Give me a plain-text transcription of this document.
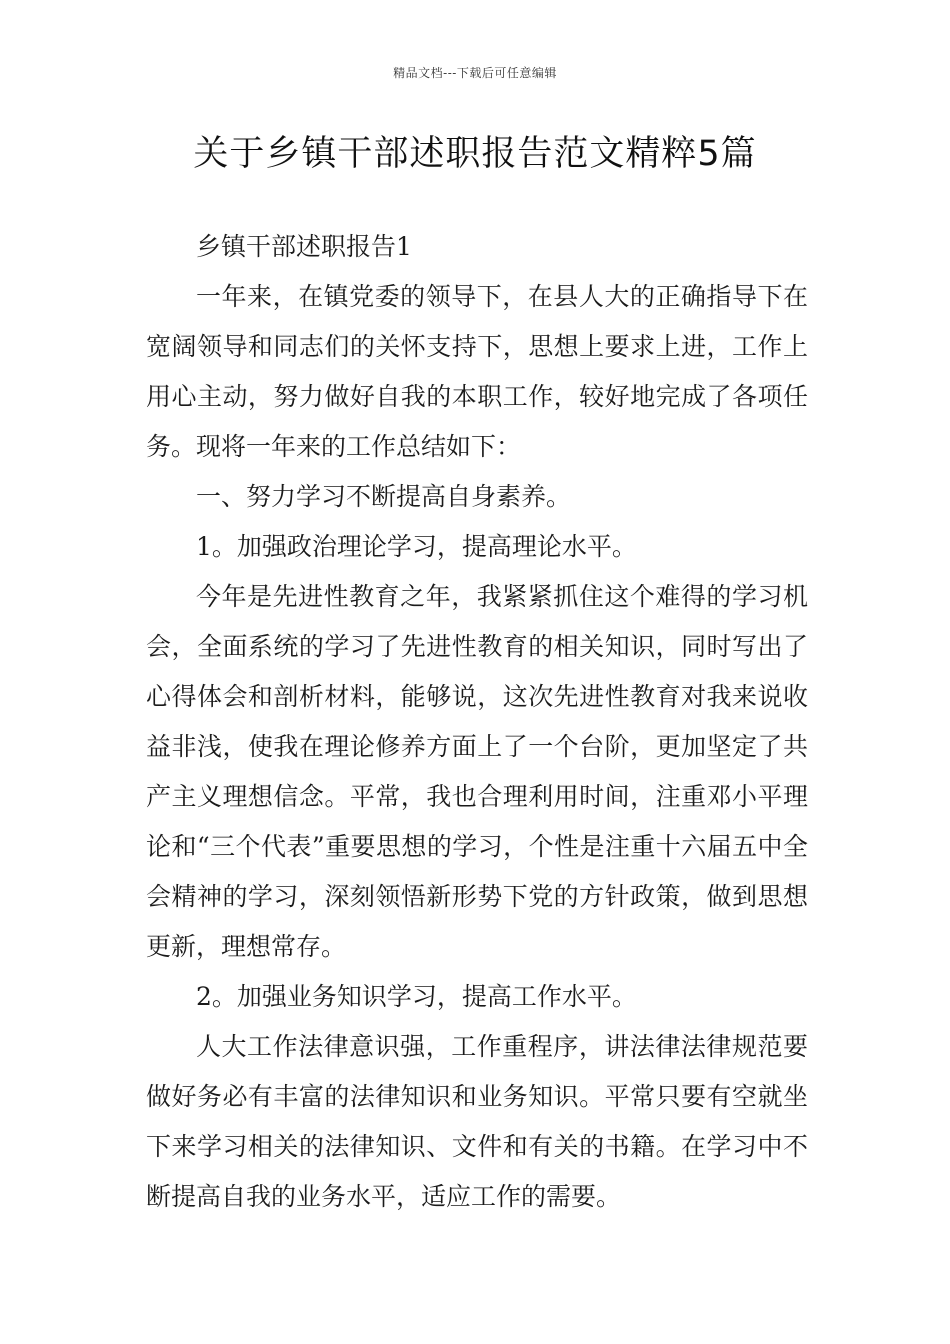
精品文档---下载后可任意编辑
关于乡镇干部述职报告范文精粹5篇

乡镇干部述职报告1

一年来，在镇党委的领导下，在县人大的正确指导下在宽阔领导和同志们的关怀支持下，思想上要求上进，工作上用心主动，努力做好自我的本职工作，较好地完成了各项任务。现将一年来的工作总结如下：

一、努力学习不断提高自身素养。

1。加强政治理论学习，提高理论水平。

今年是先进性教育之年，我紧紧抓住这个难得的学习机会，全面系统的学习了先进性教育的相关知识，同时写出了心得体会和剖析材料，能够说，这次先进性教育对我来说收益非浅，使我在理论修养方面上了一个台阶，更加坚定了共产主义理想信念。平常，我也合理利用时间，注重邓小平理论和“三个代表”重要思想的学习，个性是注重十六届五中全会精神的学习，深刻领悟新形势下党的方针政策，做到思想更新，理想常存。

2。加强业务知识学习，提高工作水平。

人大工作法律意识强，工作重程序，讲法律法律规范要做好务必有丰富的法律知识和业务知识。平常只要有空就坐下来学习相关的法律知识、文件和有关的书籍。在学习中不断提高自我的业务水平，适应工作的需要。
